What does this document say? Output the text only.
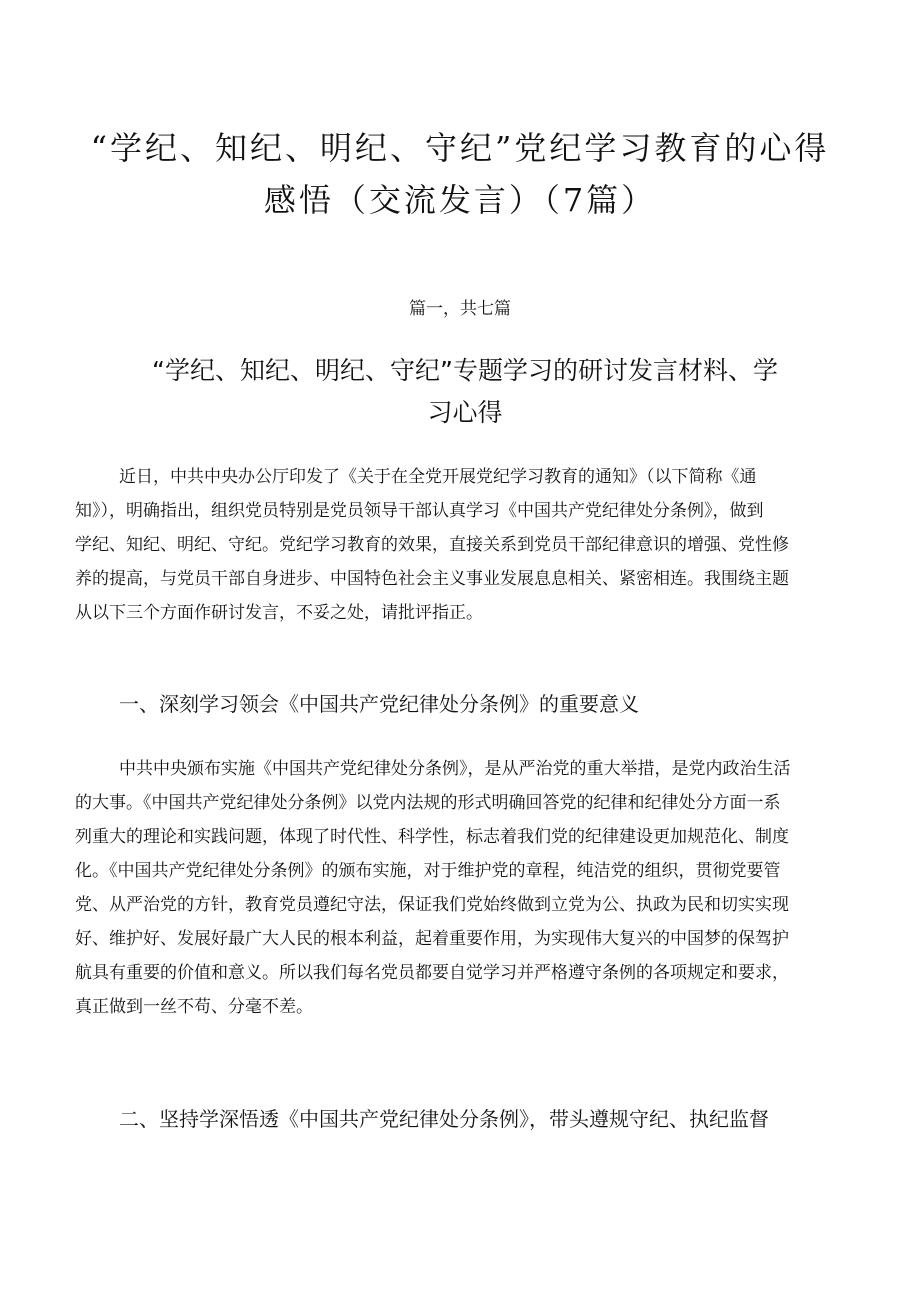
“学纪、知纪、明纪、守纪”党纪学习教育的心得
感悟（交流发言）（7篇）

篇一，共七篇

“学纪、知纪、明纪、守纪”专题学习的研讨发言材料、学
习心得

近日，中共中央办公厅印发了《关于在全党开展党纪学习教育的通知》（以下简称《通
知》），明确指出，组织党员特别是党员领导干部认真学习《中国共产党纪律处分条例》，做到
学纪、知纪、明纪、守纪。党纪学习教育的效果，直接关系到党员干部纪律意识的增强、党性修
养的提高，与党员干部自身进步、中国特色社会主义事业发展息息相关、紧密相连。我围绕主题
从以下三个方面作研讨发言，不妥之处，请批评指正。

一、深刻学习领会《中国共产党纪律处分条例》的重要意义

中共中央颁布实施《中国共产党纪律处分条例》，是从严治党的重大举措，是党内政治生活
的大事。《中国共产党纪律处分条例》以党内法规的形式明确回答党的纪律和纪律处分方面一系
列重大的理论和实践问题，体现了时代性、科学性，标志着我们党的纪律建设更加规范化、制度
化。《中国共产党纪律处分条例》的颁布实施，对于维护党的章程，纯洁党的组织，贯彻党要管
党、从严治党的方针，教育党员遵纪守法，保证我们党始终做到立党为公、执政为民和切实实现
好、维护好、发展好最广大人民的根本利益，起着重要作用，为实现伟大复兴的中国梦的保驾护
航具有重要的价值和意义。所以我们每名党员都要自觉学习并严格遵守条例的各项规定和要求，
真正做到一丝不苟、分毫不差。

二、坚持学深悟透《中国共产党纪律处分条例》，带头遵规守纪、执纪监督
